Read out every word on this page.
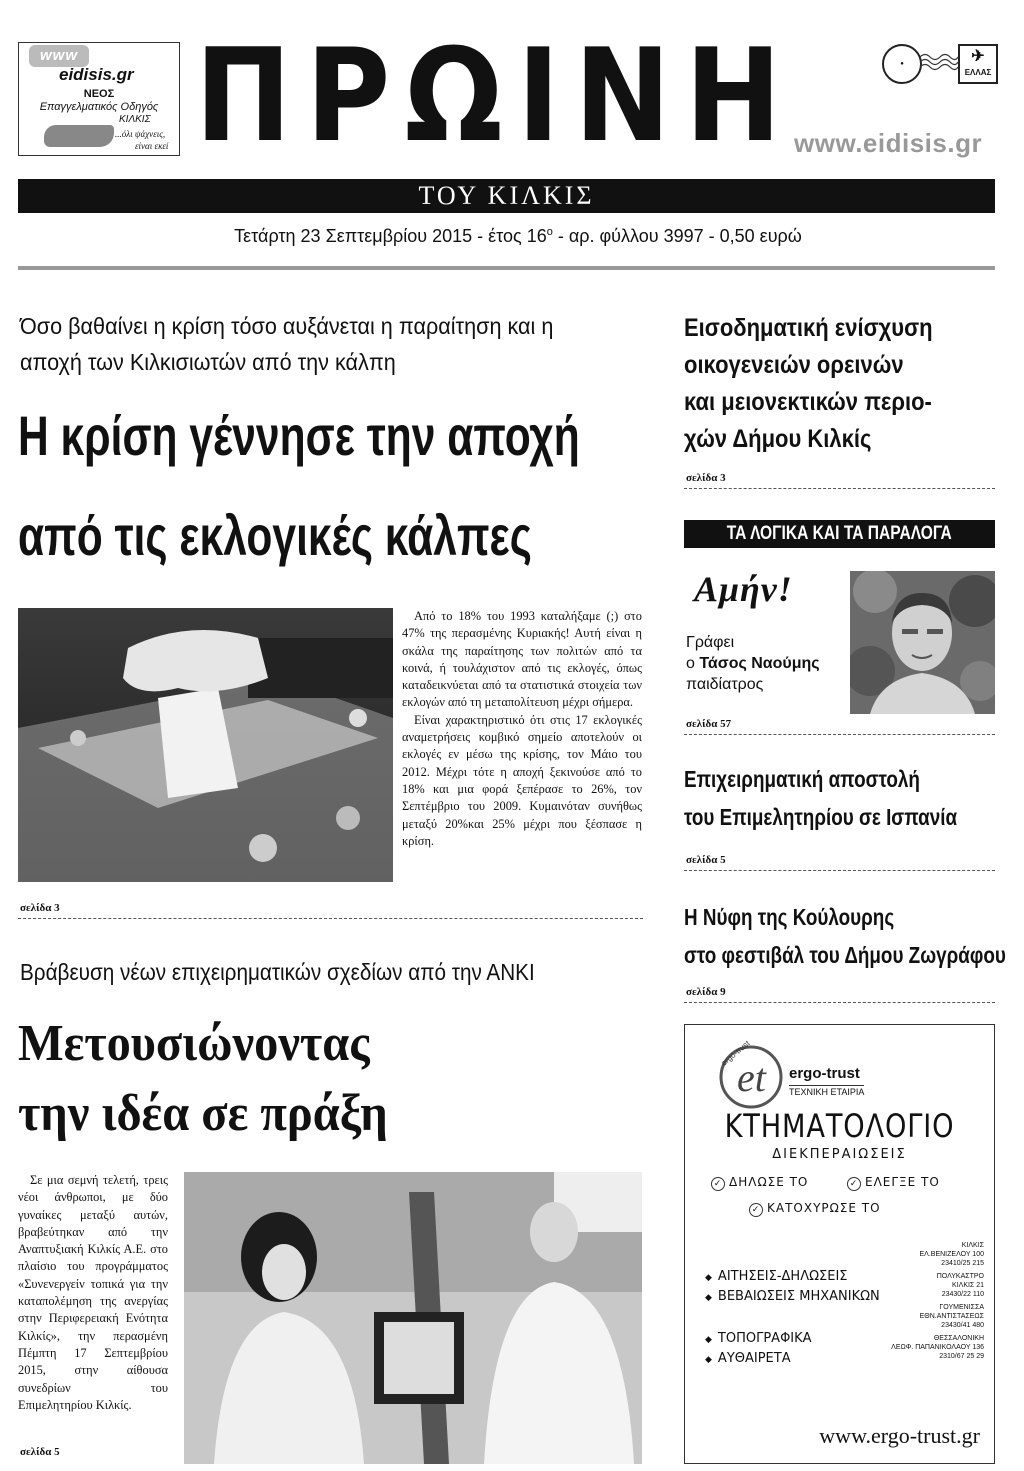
www
eidisis.gr
ΝΕΟΣ
Επαγγελματικός Οδηγός
ΚΙΛΚΙΣ
...όλι ψάχνεις,
είναι εκεί ΠΡΩΙΝΗ	●	✈
ΕΛΛΑΣ
www.eidisis.gr
ΤΟΥ ΚΙΛΚΙΣ
Τετάρτη 23 Σεπτεμβρίου 2015 - έτος $16^o$ - αρ. φύλλου 3997 - 0,50 ευρώ
Όσο βαθαίνει η κρίση τόσο αυξάνεται η παραίτηση και η αποχή των Κιλκισιωτών από την κάλπη
Η κρίση γέννησε την αποχή
από τις εκλογικές κάλπες

Από το 18% του 1993 καταλήξαμε (;) στο 47% της περασμένης Κυριακής! Αυτή είναι η σκάλα της παραίτησης των πολιτών από τα κοινά, ή τουλάχιστον από τις εκλογές, όπως καταδεικνύεται από τα στατιστικά στοιχεία των εκλογών από τη μεταπολίτευση μέχρι σήμερα.

Είναι χαρακτηριστικό ότι στις 17 εκλογικές αναμετρήσεις κομβικό σημείο αποτελούν οι εκλογές εν μέσω της κρίσης, τον Μάιο του 2012. Μέχρι τότε η αποχή ξεκινούσε από το 18% και μια φορά ξεπέρασε το 26%, τον Σεπτέμβριο του 2009. Κυμαινόταν συνήθως μεταξύ 20%και 25% μέχρι που ξέσπασε η κρίση.

σελίδα 3
Βράβευση νέων επιχειρηματικών σχεδίων από την ΑΝΚΙ
Μετουσιώνοντας
την ιδέα σε πράξη

Σε μια σεμνή τελετή, τρεις νέοι άνθρωποι, με δύο γυναίκες μεταξύ αυτών, βραβεύτηκαν από την Αναπτυξιακή Κιλκίς Α.Ε. στο πλαίσιο του προγράμματος «Συνενεργείν τοπικά για την καταπολέμηση της ανεργίας στην Περιφερειακή Ενότητα Κιλκίς», την περασμένη Πέμπτη 17 Σεπτεμβρίου 2015, στην αίθουσα συνεδρίων του Επιμελητηρίου Κιλκίς.

σελίδα 5
Εισοδηματική ενίσχυση
οικογενειών ορεινών
και μειονεκτικών περιο-
χών Δήμου Κιλκίς
σελίδα 3
ΤΑ ΛΟΓΙΚΑ ΚΑΙ ΤΑ ΠΑΡΑΛΟΓΑ
Αμήν!
Γράφει
ο Τάσος Ναούμης
παιδίατρος
σελίδα 57
Επιχειρηματική αποστολή
του Επιμελητηρίου σε Ισπανία
σελίδα 5
Η Νύφη της Κούλουρης
στο φεστιβάλ του Δήμου Ζωγράφου
σελίδα 9
et
ergo-trust
ergo-trust
ΤΕΧΝΙΚΗ ΕΤΑΙΡΙΑ
ΚΤΗΜΑΤΟΛΟΓΙΟ
ΔΙΕΚΠΕΡΑΙΩΣΕΙΣ
✓ ΔΗΛΩΣΕ ΤΟ	✓ ΕΛΕΓΞΕ ΤΟ
✓ ΚΑΤΟΧΥΡΩΣΕ ΤΟ
◆ ΑΙΤΗΣΕΙΣ-ΔΗΛΩΣΕΙΣ
◆ ΒΕΒΑΙΩΣΕΙΣ ΜΗΧΑΝΙΚΩΝ
◆ ΤΟΠΟΓΡΑΦΙΚΑ
◆ ΑΥΘΑΙΡΕΤΑ
ΚΙΛΚΙΣ
ΕΛ.ΒΕΝΙΖΕΛΟΥ 100
23410/25 215
ΠΟΛΥΚΑΣΤΡΟ
ΚΙΛΚΙΣ 21
23430/22 110
ΓΟΥΜΕΝΙΣΣΑ
ΕΘΝ.ΑΝΤΙΣΤΑΣΕΩΣ
23430/41 480
ΘΕΣΣΑΛΟΝΙΚΗ
ΛΕΩΦ. ΠΑΠΑΝΙΚΟΛΑΟΥ 136
2310/67 25 29
www.ergo-trust.gr
